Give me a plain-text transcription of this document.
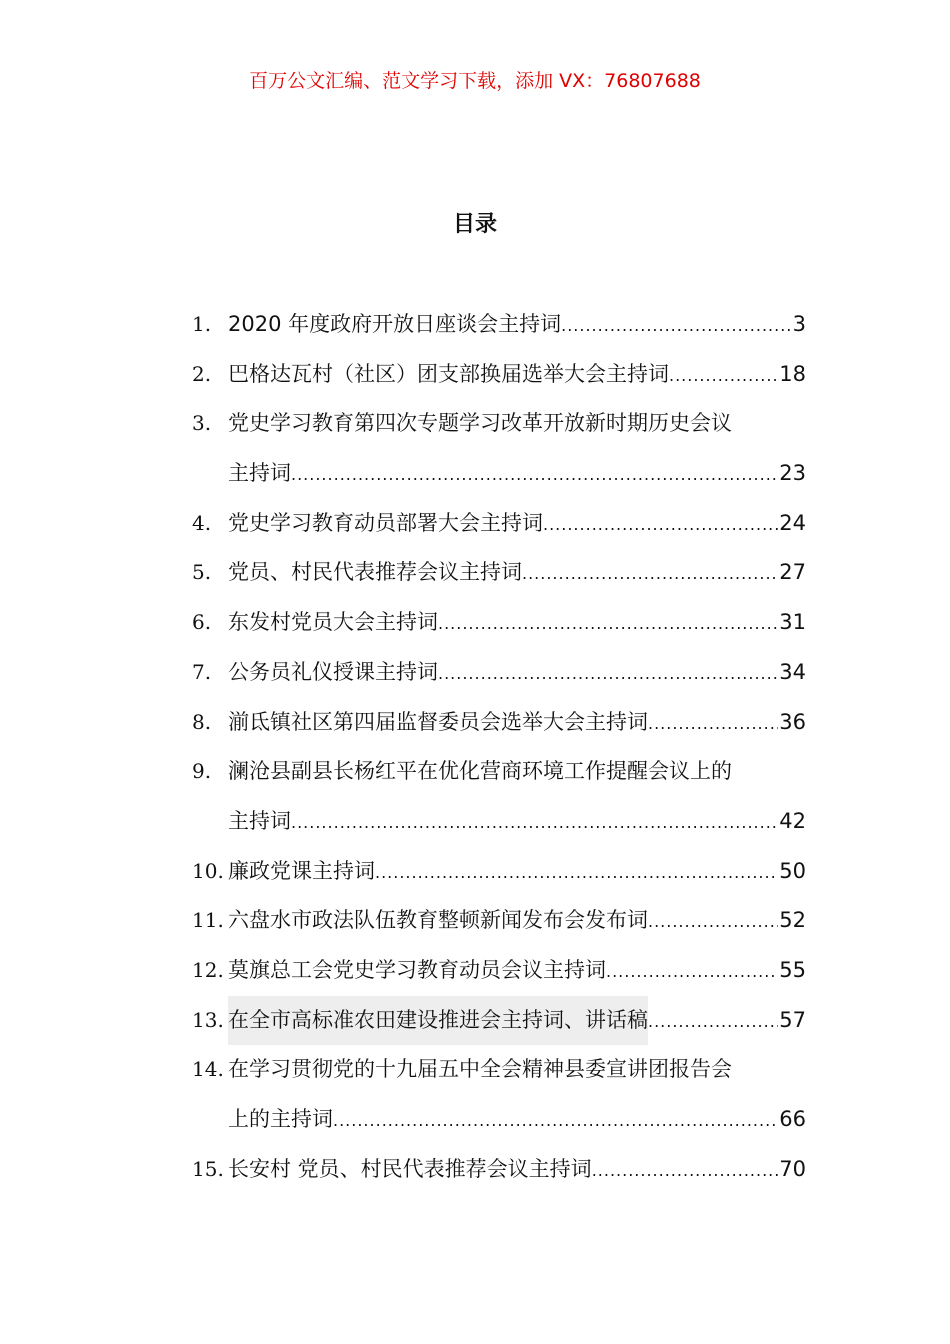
百万公文汇编、范文学习下载，添加 VX：76807688
目录
1. 2020 年度政府开放日座谈会主持词 .....	3
2. 巴格达瓦村（社区）团支部换届选举大会主持词 .....	18
3. 党史学习教育第四次专题学习改革开放新时期历史会议
主持词 .....	23
4. 党史学习教育动员部署大会主持词 .....	24
5. 党员、村民代表推荐会议主持词 .....	27
6. 东发村党员大会主持词 .....	31
7. 公务员礼仪授课主持词 .....	34
8. 湔氐镇社区第四届监督委员会选举大会主持词 .....	36
9. 澜沧县副县长杨红平在优化营商环境工作提醒会议上的
主持词 .....	42
10. 廉政党课主持词 .....	50
11. 六盘水市政法队伍教育整顿新闻发布会发布词 .....	52
12. 莫旗总工会党史学习教育动员会议主持词 .....	55
13. 在全市高标准农田建设推进会主持词、讲话稿 .....	57
14. 在学习贯彻党的十九届五中全会精神县委宣讲团报告会
上的主持词 .....	66
15. 长安村 党员、村民代表推荐会议主持词 .....	70
